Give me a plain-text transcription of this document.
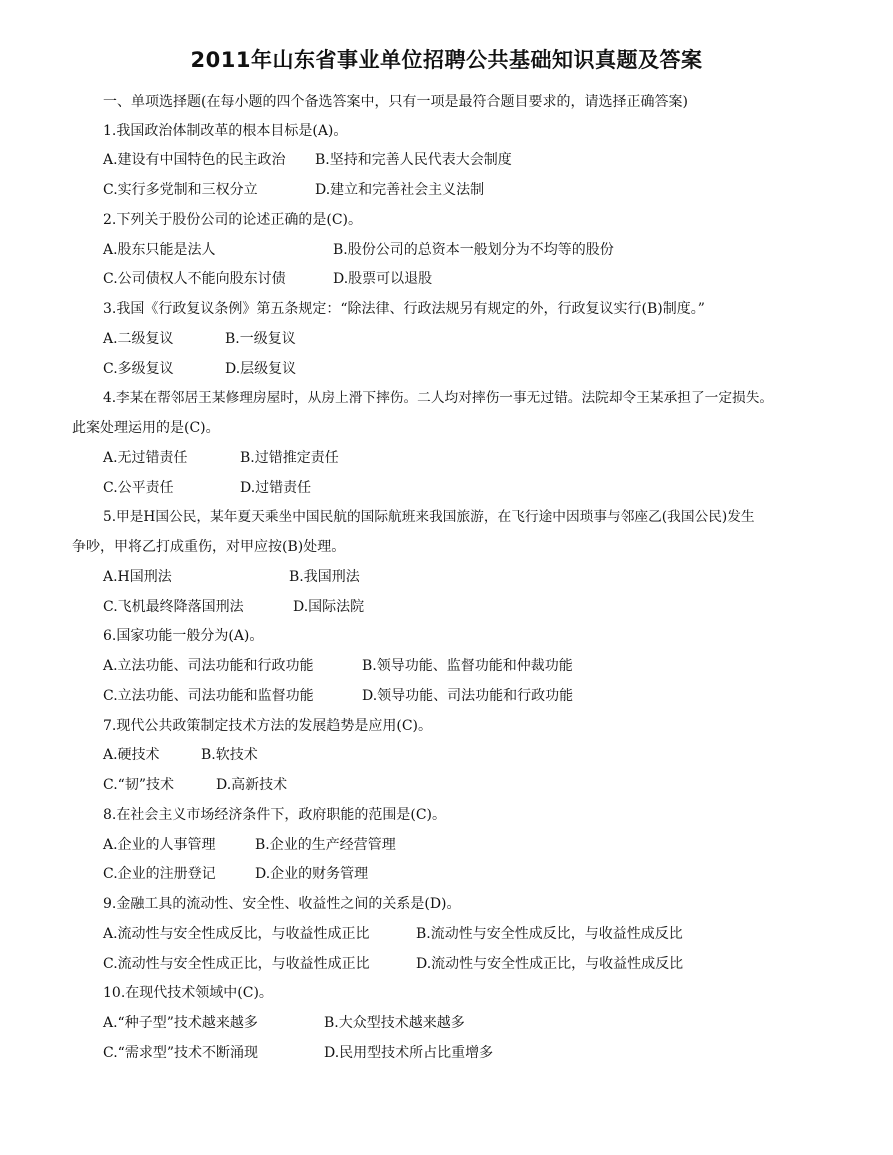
2011年山东省事业单位招聘公共基础知识真题及答案
一、单项选择题(在每小题的四个备选答案中，只有一项是最符合题目要求的，请选择正确答案)
1.我国政治体制改革的根本目标是(A)。
A.建设有中国特色的民主政治 B.坚持和完善人民代表大会制度
C.实行多党制和三权分立	D.建立和完善社会主义法制
2.下列关于股份公司的论述正确的是(C)。
A.股东只能是法人	B.股份公司的总资本一般划分为不均等的股份
C.公司债权人不能向股东讨债	D.股票可以退股
3.我国《行政复议条例》第五条规定：“除法律、行政法规另有规定的外，行政复议实行(B)制度。”
A.二级复议	B.一级复议
C.多级复议	D.层级复议
4.李某在帮邻居王某修理房屋时，从房上滑下摔伤。二人均对摔伤一事无过错。法院却令王某承担了一定损失。
此案处理运用的是(C)。
A.无过错责任	B.过错推定责任
C.公平责任	D.过错责任
5.甲是H国公民，某年夏天乘坐中国民航的国际航班来我国旅游，在飞行途中因琐事与邻座乙(我国公民)发生
争吵，甲将乙打成重伤，对甲应按(B)处理。
A.H国刑法	B.我国刑法
C.飞机最终降落国刑法	D.国际法院
6.国家功能一般分为(A)。
A.立法功能、司法功能和行政功能	B.领导功能、监督功能和仲裁功能
C.立法功能、司法功能和监督功能	D.领导功能、司法功能和行政功能
7.现代公共政策制定技术方法的发展趋势是应用(C)。
A.硬技术	B.软技术
C.“韧”技术	D.高新技术
8.在社会主义市场经济条件下，政府职能的范围是(C)。
A.企业的人事管理	B.企业的生产经营管理
C.企业的注册登记	D.企业的财务管理
9.金融工具的流动性、安全性、收益性之间的关系是(D)。
A.流动性与安全性成反比，与收益性成正比	B.流动性与安全性成反比，与收益性成反比
C.流动性与安全性成正比，与收益性成正比	D.流动性与安全性成正比，与收益性成反比
10.在现代技术领域中(C)。
A.“种子型”技术越来越多	B.大众型技术越来越多
C.“需求型”技术不断涌现	D.民用型技术所占比重增多
